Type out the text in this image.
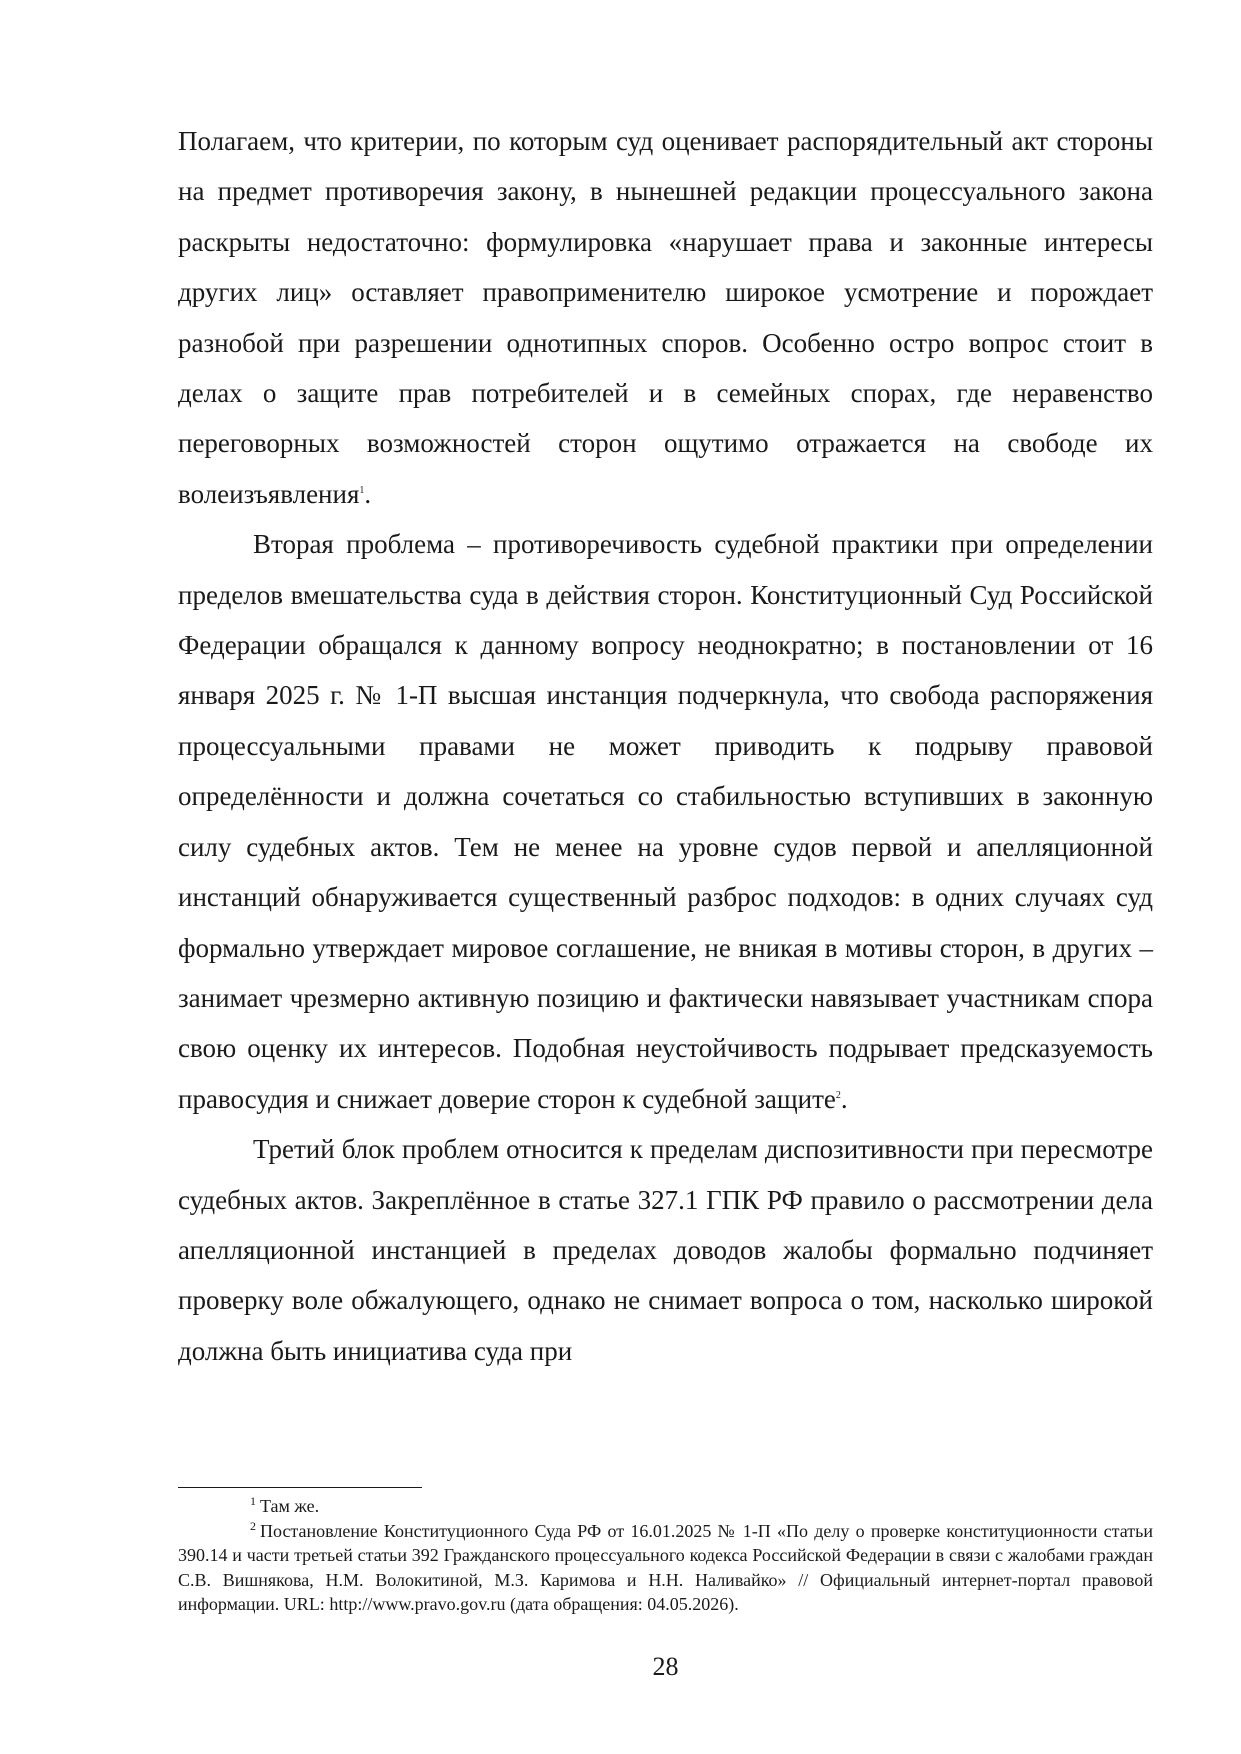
Полагаем, что критерии, по которым суд оценивает распорядительный акт стороны на предмет противоречия закону, в нынешней редакции процессуального закона раскрыты недостаточно: формулировка «нарушает права и законные интересы других лиц» оставляет правоприменителю широкое усмотрение и порождает разнобой при разрешении однотипных споров. Особенно остро вопрос стоит в делах о защите прав потребителей и в семейных спорах, где неравенство переговорных возможностей сторон ощутимо отражается на свободе их волеизъявления$^1$.

Вторая проблема – противоречивость судебной практики при определении пределов вмешательства суда в действия сторон. Конституционный Суд Российской Федерации обращался к данному вопросу неоднократно; в постановлении от 16 января 2025 г. № 1-П высшая инстанция подчеркнула, что свобода распоряжения процессуальными правами не может приводить к подрыву правовой определённости и должна сочетаться со стабильностью вступивших в законную силу судебных актов. Тем не менее на уровне судов первой и апелляционной инстанций обнаруживается существенный разброс подходов: в одних случаях суд формально утверждает мировое соглашение, не вникая в мотивы сторон, в других – занимает чрезмерно активную позицию и фактически навязывает участникам спора свою оценку их интересов. Подобная неустойчивость подрывает предсказуемость правосудия и снижает доверие сторон к судебной защите$^2$.

Третий блок проблем относится к пределам диспозитивности при пересмотре судебных актов. Закреплённое в статье 327.1 ГПК РФ правило о рассмотрении дела апелляционной инстанцией в пределах доводов жалобы формально подчиняет проверку воле обжалующего, однако не снимает вопроса о том, насколько широкой должна быть инициатива суда при

$^1$ Там же.

$^2$ Постановление Конституционного Суда РФ от 16.01.2025 № 1-П «По делу о проверке конституционности статьи 390.14 и части третьей статьи 392 Гражданского процессуального кодекса Российской Федерации в связи с жалобами граждан С.В. Вишнякова, Н.М. Волокитиной, М.З. Каримова и Н.Н. Наливайко» // Официальный интернет-портал правовой информации. URL: http://www.pravo.gov.ru (дата обращения: 04.05.2026).

28
